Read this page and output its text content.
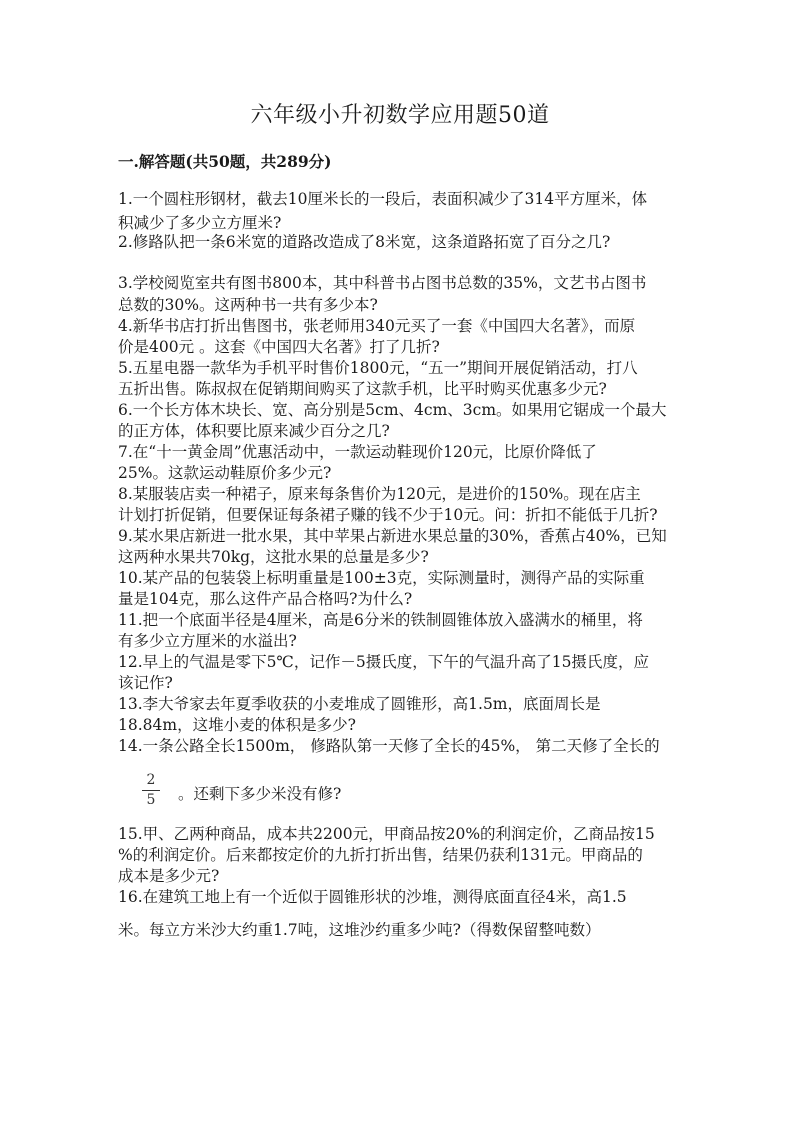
六年级小升初数学应用题50道
一.解答题(共50题，共289分)
1.一个圆柱形钢材，截去10厘米长的一段后，表面积减少了314平方厘米，体
积减少了多少立方厘米?
2.修路队把一条6米宽的道路改造成了8米宽，这条道路拓宽了百分之几?
3.学校阅览室共有图书800本，其中科普书占图书总数的35%，文艺书占图书
总数的30%。这两种书一共有多少本?
4.新华书店打折出售图书，张老师用340元买了一套《中国四大名著》，而原
价是400元 。这套《中国四大名著》打了几折?
5.五星电器一款华为手机平时售价1800元，“五一”期间开展促销活动，打八
五折出售。陈叔叔在促销期间购买了这款手机，比平时购买优惠多少元?
6.一个长方体木块长、宽、高分别是5cm、4cm、3cm。如果用它锯成一个最大
的正方体，体积要比原来减少百分之几?
7.在“十一黄金周”优惠活动中，一款运动鞋现价120元，比原价降低了
25%。这款运动鞋原价多少元?
8.某服装店卖一种裙子，原来每条售价为120元，是进价的150%。现在店主
计划打折促销，但要保证每条裙子赚的钱不少于10元。问：折扣不能低于几折?
9.某水果店新进一批水果，其中苹果占新进水果总量的30%，香蕉占40%，已知
这两种水果共70kg，这批水果的总量是多少?
10.某产品的包装袋上标明重量是100±3克，实际测量时，测得产品的实际重
量是104克，那么这件产品合格吗?为什么?
11.把一个底面半径是4厘米，高是6分米的铁制圆锥体放入盛满水的桶里，将
有多少立方厘米的水溢出?
12.早上的气温是零下5℃，记作－5摄氏度，下午的气温升高了15摄氏度，应
该记作?
13.李大爷家去年夏季收获的小麦堆成了圆锥形，高1.5m，底面周长是
18.84m，这堆小麦的体积是多少?
14.一条公路全长1500m， 修路队第一天修了全长的45%， 第二天修了全长的
2
5	。还剩下多少米没有修?
15.甲、乙两种商品，成本共2200元，甲商品按20%的利润定价，乙商品按15
%的利润定价。后来都按定价的九折打折出售，结果仍获利131元。甲商品的
成本是多少元?
16.在建筑工地上有一个近似于圆锥形状的沙堆，测得底面直径4米，高1.5
米。每立方米沙大约重1.7吨，这堆沙约重多少吨?（得数保留整吨数）
